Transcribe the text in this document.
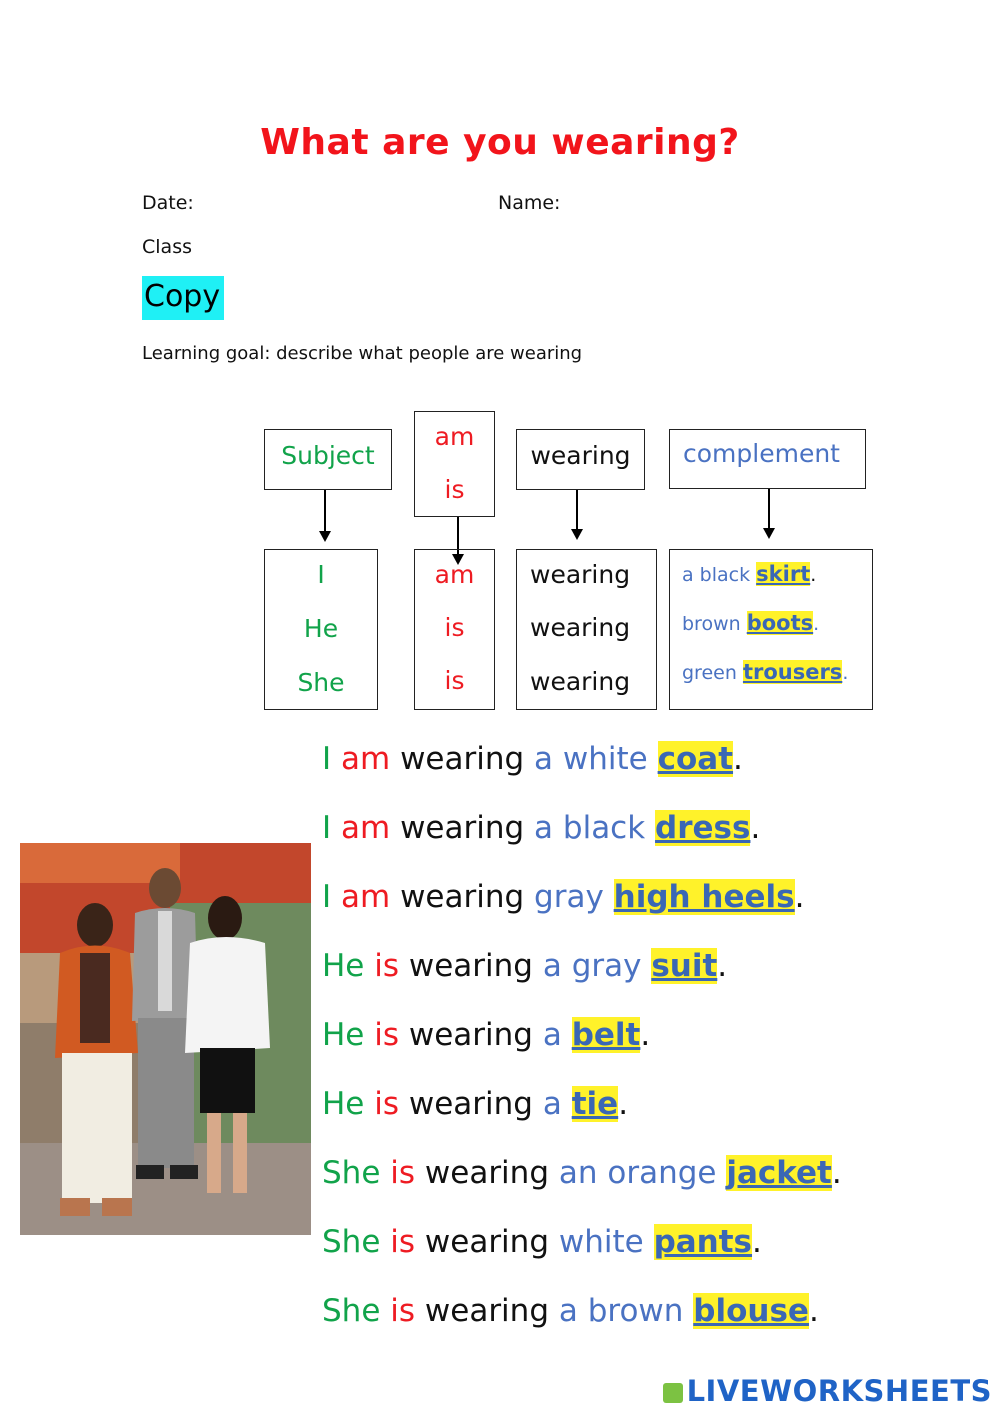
What are you wearing?
Date:	Name:
Class
Copy
Learning goal: describe what people are wearing
Subject
am
is
wearing	complement
I
He
She
am
is
is
wearing
wearing
wearing
a black skirt.
brown boots.
green trousers.
I am wearing a white coat.
I am wearing a black dress.
I am wearing gray high heels.
He is wearing a gray suit.
He is wearing a belt.
He is wearing a tie.
She is wearing an orange jacket.
She is wearing white pants.
She is wearing a brown blouse.
LIVEWORKSHEETS
